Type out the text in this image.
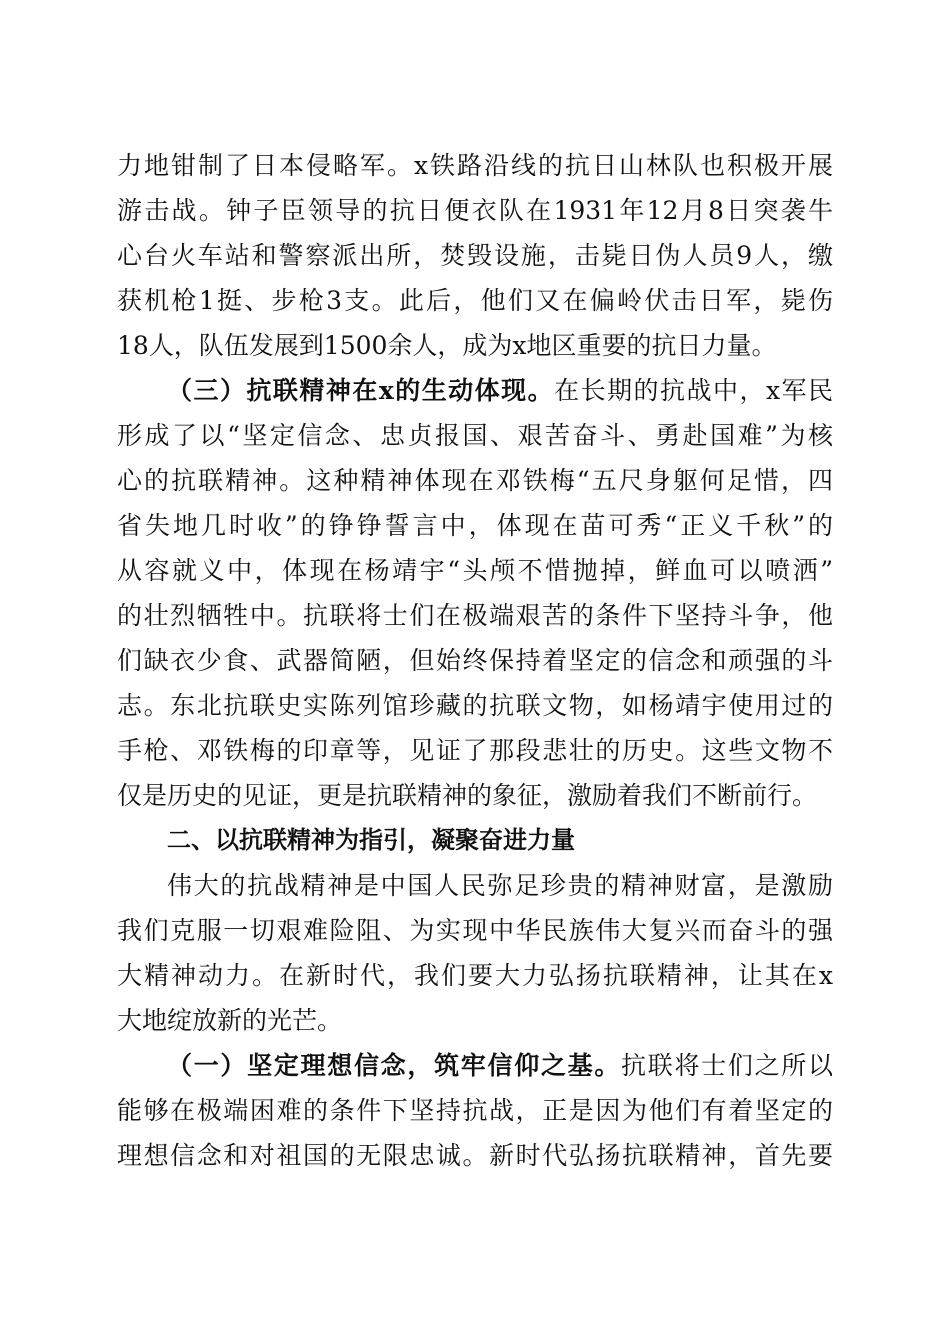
力地钳制了日本侵略军。x铁路沿线的抗日山林队也积极开展
游击战。钟子臣领导的抗日便衣队在1931年12月8日突袭牛
心台火车站和警察派出所，焚毁设施，击毙日伪人员9人，缴
获机枪1挺、步枪3支。此后，他们又在偏岭伏击日军，毙伤
18人，队伍发展到1500余人，成为x地区重要的抗日力量。

（三）抗联精神在x的生动体现。在长期的抗战中，x军民
形成了以“坚定信念、忠贞报国、艰苦奋斗、勇赴国难”为核
心的抗联精神。这种精神体现在邓铁梅“五尺身躯何足惜，四
省失地几时收”的铮铮誓言中，体现在苗可秀“正义千秋”的
从容就义中，体现在杨靖宇“头颅不惜抛掉，鲜血可以喷洒”
的壮烈牺牲中。抗联将士们在极端艰苦的条件下坚持斗争，他
们缺衣少食、武器简陋，但始终保持着坚定的信念和顽强的斗
志。东北抗联史实陈列馆珍藏的抗联文物，如杨靖宇使用过的
手枪、邓铁梅的印章等，见证了那段悲壮的历史。这些文物不
仅是历史的见证，更是抗联精神的象征，激励着我们不断前行。

二、以抗联精神为指引，凝聚奋进力量

伟大的抗战精神是中国人民弥足珍贵的精神财富，是激励
我们克服一切艰难险阻、为实现中华民族伟大复兴而奋斗的强
大精神动力。在新时代，我们要大力弘扬抗联精神，让其在x
大地绽放新的光芒。

（一）坚定理想信念，筑牢信仰之基。抗联将士们之所以
能够在极端困难的条件下坚持抗战，正是因为他们有着坚定的
理想信念和对祖国的无限忠诚。新时代弘扬抗联精神，首先要
